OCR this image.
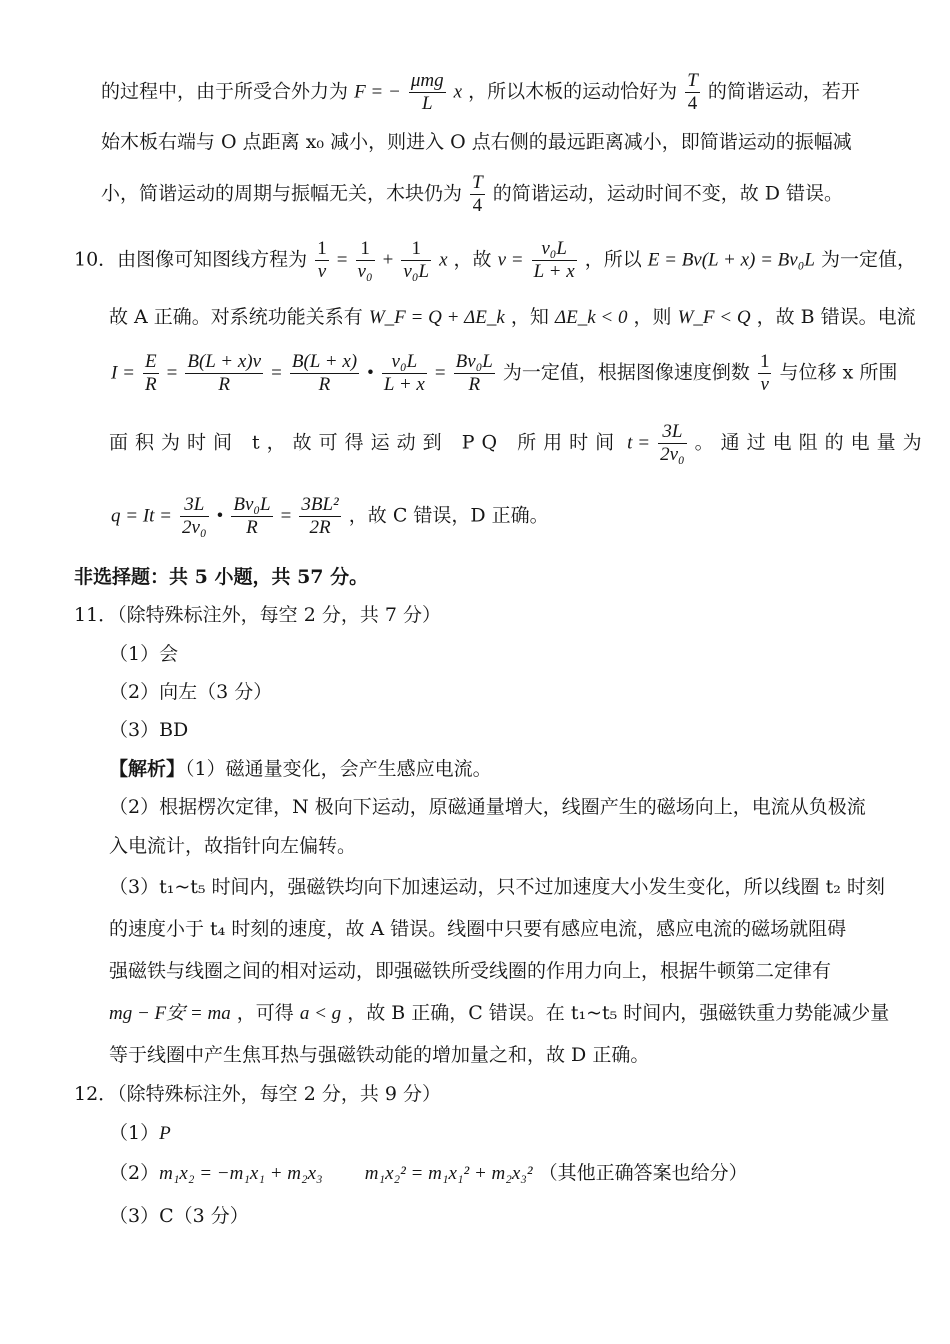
的过程中，由于所受合外力为 F = − $\frac{\text{μmg}}{L}$ x ，所以木板的运动恰好为 $\frac{T}{4}$ 的简谐运动，若开
始木板右端与 O 点距离 x₀ 减小，则进入 O 点右侧的最远距离减小，即简谐运动的振幅减
小，简谐运动的周期与振幅无关，木块仍为 $\frac{T}{4}$ 的简谐运动，运动时间不变，故 D 错误。
10．由图像可知图线方程为 $\frac{1}{v} = \frac{1}{\text{v₀}} + \frac{1}{\text{v₀L}}$ x ，故 $v = \frac{\text{v₀L}}{L + x}$ ，所以 E = Bv(L + x) = Bv₀L 为一定值，
故 A 正确。对系统功能关系有 W_F = Q + ΔE_k ，知 ΔE_k < 0 ，则 W_F < Q ，故 B 错误。电流
$I = \frac{E}{R} = \frac{B(L + x)v}{R} = \frac{B(L + x)}{R}$ • $\frac{\text{v₀L}}{L + x} = \frac{\text{Bv₀L}}{R}$ 为一定值，根据图像速度倒数 $\frac{1}{v}$ 与位移 x 所围
面积为时间 t，故可得运动到 PQ 所用时间 $t = \frac{3L}{\text{2v₀}}$ 。通过电阻的电量为
$q = It = \frac{3L}{\text{2v₀}}$ • $\frac{\text{Bv₀L}}{R} = \frac{\text{3BL²}}{2R}$ ，故 C 错误，D 正确。
非选择题：共 5 小题，共 57 分。
11．（除特殊标注外，每空 2 分，共 7 分）
（1）会
（2）向左（3 分）
（3）BD
【解析】（1）磁通量变化，会产生感应电流。
（2）根据楞次定律，N 极向下运动，原磁通量增大，线圈产生的磁场向上，电流从负极流
入电流计，故指针向左偏转。
（3）t₁~t₅ 时间内，强磁铁均向下加速运动，只不过加速度大小发生变化，所以线圈 t₂ 时刻
的速度小于 t₄ 时刻的速度，故 A 错误。线圈中只要有感应电流，感应电流的磁场就阻碍
强磁铁与线圈之间的相对运动，即强磁铁所受线圈的作用力向上，根据牛顿第二定律有
mg − F安 = ma ，可得 a < g ，故 B 正确，C 错误。在 t₁~t₅ 时间内，强磁铁重力势能减少量
等于线圈中产生焦耳热与强磁铁动能的增加量之和，故 D 正确。
12．（除特殊标注外，每空 2 分，共 9 分）
（1）P
（2）m₁x₂ = −m₁x₁ + m₂x₃ m₁x₂² = m₁x₁² + m₂x₃² （其他正确答案也给分）
（3）C（3 分）
